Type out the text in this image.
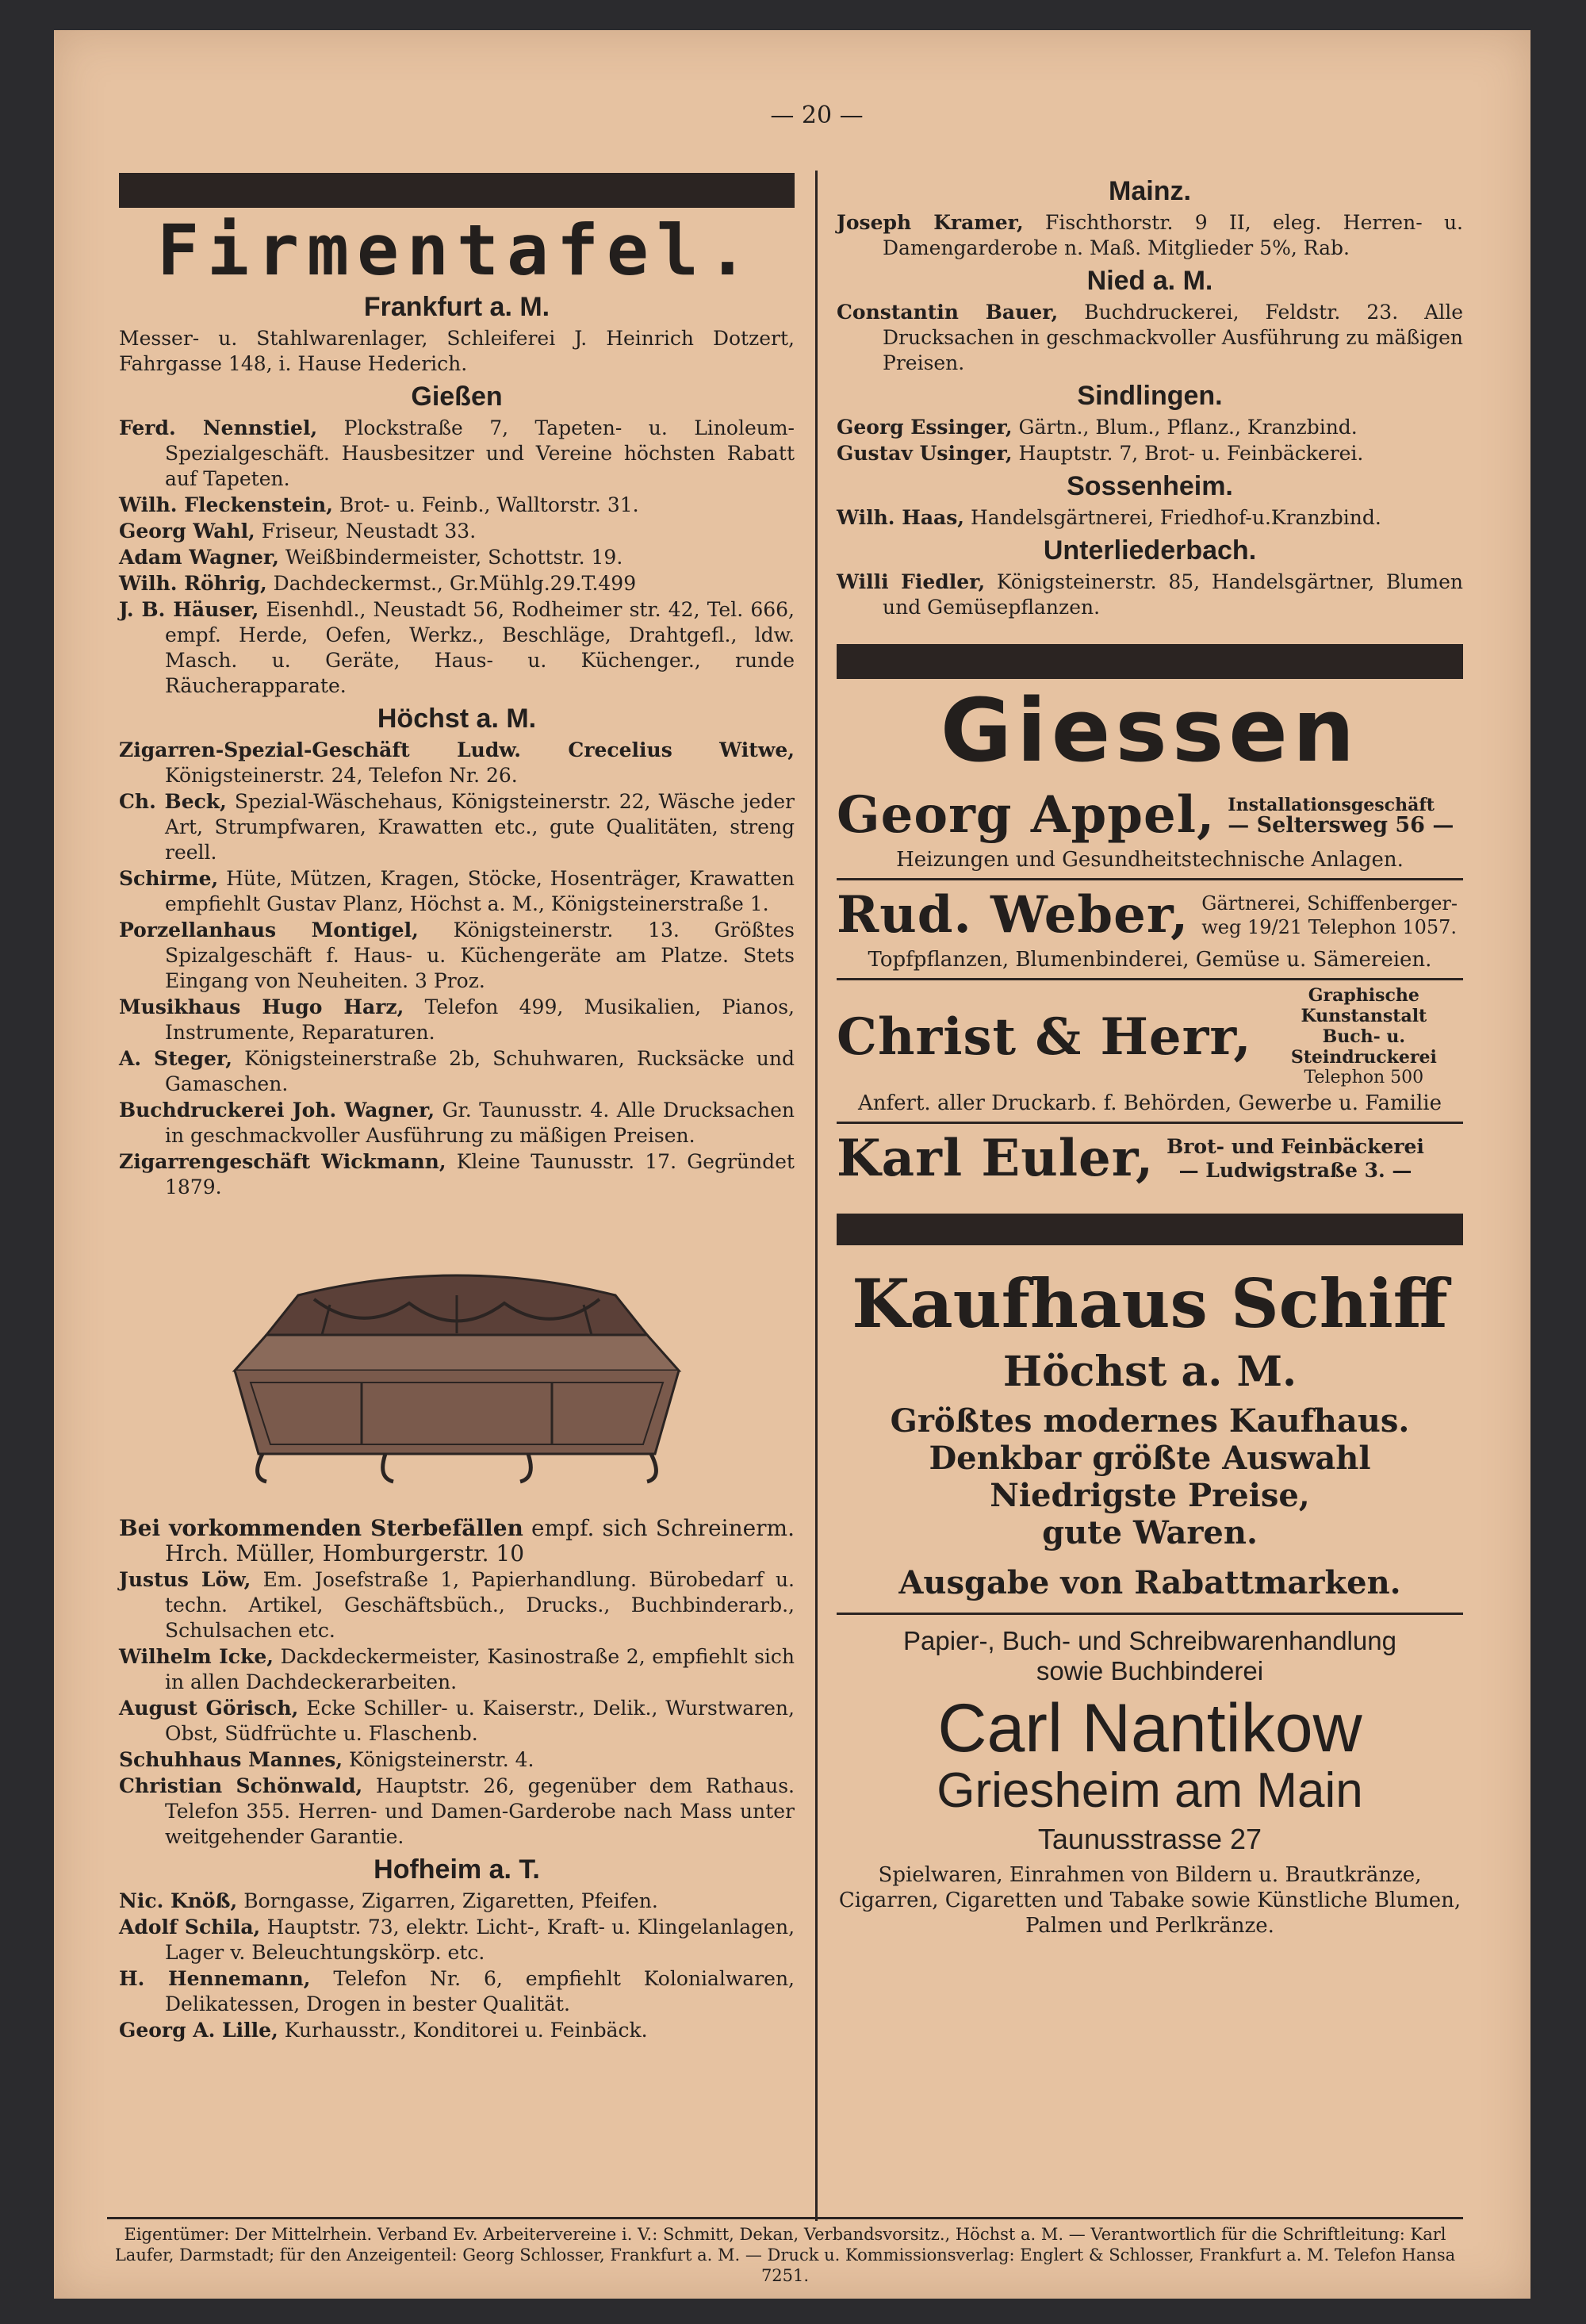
— 20 —
Firmentafel.
Frankfurt a. M.
Messer- u. Stahlwarenlager, Schleiferei J. Heinrich Dotzert, Fahrgasse 148, i. Hause Hederich.
Gießen
Ferd. Nennstiel, Plockstraße 7, Tapeten- u. Linoleum-Spezialgeschäft. Hausbesitzer und Vereine höchsten Rabatt auf Tapeten.
Wilh. Fleckenstein, Brot- u. Feinb., Walltorstr. 31.
Georg Wahl, Friseur, Neustadt 33.
Adam Wagner, Weißbindermeister, Schottstr. 19.
Wilh. Röhrig, Dachdeckermst., Gr.Mühlg.29.T.499
J. B. Häuser, Eisenhdl., Neustadt 56, Rodheimer str. 42, Tel. 666, empf. Herde, Oefen, Werkz., Beschläge, Drahtgefl., ldw. Masch. u. Geräte, Haus- u. Küchenger., runde Räucherapparate.
Höchst a. M.
Zigarren-Spezial-Geschäft Ludw. Crecelius Witwe, Königsteinerstr. 24, Telefon Nr. 26.
Ch. Beck, Spezial-Wäschehaus, Königsteinerstr. 22, Wäsche jeder Art, Strumpfwaren, Krawatten etc., gute Qualitäten, streng reell.
Schirme, Hüte, Mützen, Kragen, Stöcke, Hosenträger, Krawatten empfiehlt Gustav Planz, Höchst a. M., Königsteinerstraße 1.
Porzellanhaus Montigel, Königsteinerstr. 13. Größtes Spizalgeschäft f. Haus- u. Küchengeräte am Platze. Stets Eingang von Neuheiten. 3 Proz.
Musikhaus Hugo Harz, Telefon 499, Musikalien, Pianos, Instrumente, Reparaturen.
A. Steger, Königsteinerstraße 2b, Schuhwaren, Rucksäcke und Gamaschen.
Buchdruckerei Joh. Wagner, Gr. Taunusstr. 4. Alle Drucksachen in geschmackvoller Ausführung zu mäßigen Preisen.
Zigarrengeschäft Wickmann, Kleine Taunusstr. 17. Gegründet 1879.
Bei vorkommenden Sterbefällen empf. sich Schreinerm. Hrch. Müller, Homburgerstr. 10
Justus Löw, Em. Josefstraße 1, Papierhandlung. Bürobedarf u. techn. Artikel, Geschäftsbüch., Drucks., Buchbinderarb., Schulsachen etc.
Wilhelm Icke, Dackdeckermeister, Kasinostraße 2, empfiehlt sich in allen Dachdeckerarbeiten.
August Görisch, Ecke Schiller- u. Kaiserstr., Delik., Wurstwaren, Obst, Südfrüchte u. Flaschenb.
Schuhhaus Mannes, Königsteinerstr. 4.
Christian Schönwald, Hauptstr. 26, gegenüber dem Rathaus. Telefon 355. Herren- und Damen-Garderobe nach Mass unter weitgehender Garantie.
Hofheim a. T.
Nic. Knöß, Borngasse, Zigarren, Zigaretten, Pfeifen.
Adolf Schila, Hauptstr. 73, elektr. Licht-, Kraft- u. Klingelanlagen, Lager v. Beleuchtungskörp. etc.
H. Hennemann, Telefon Nr. 6, empfiehlt Kolonialwaren, Delikatessen, Drogen in bester Qualität.
Georg A. Lille, Kurhausstr., Konditorei u. Feinbäck.
Mainz.
Joseph Kramer, Fischthorstr. 9 II, eleg. Herren- u. Damengarderobe n. Maß. Mitglieder 5%, Rab.
Nied a. M.
Constantin Bauer, Buchdruckerei, Feldstr. 23. Alle Drucksachen in geschmackvoller Ausführung zu mäßigen Preisen.
Sindlingen.
Georg Essinger, Gärtn., Blum., Pflanz., Kranzbind.
Gustav Usinger, Hauptstr. 7, Brot- u. Feinbäckerei.
Sossenheim.
Wilh. Haas, Handelsgärtnerei, Friedhof-u.Kranzbind.
Unterliederbach.
Willi Fiedler, Königsteinerstr. 85, Handelsgärtner, Blumen und Gemüsepflanzen.
Giessen
Georg Appel, Installationsgeschäft
— Seltersweg 56 —
Heizungen und Gesundheitstechnische Anlagen.
Rud. Weber, Gärtnerei, Schiffenberger-
weg 19/21 Telephon 1057.
Topfpflanzen, Blumenbinderei, Gemüse u. Sämereien.
Christ & Herr,
Graphische Kunstanstalt
Buch- u. Steindruckerei
Telephon 500
Anfert. aller Druckarb. f. Behörden, Gewerbe u. Familie
Karl Euler, Brot- und Feinbäckerei
— Ludwigstraße 3. —
Kaufhaus Schiff
Höchst a. M.
Größtes modernes Kaufhaus.
Denkbar größte Auswahl
Niedrigste Preise,
gute Waren.
Ausgabe von Rabattmarken.
Papier-, Buch- und Schreibwarenhandlung
sowie Buchbinderei
Carl Nantikow
Griesheim am Main
Taunusstrasse 27
Spielwaren, Einrahmen von Bildern u. Brautkränze, Cigarren, Cigaretten und Tabake sowie Künstliche Blumen, Palmen und Perlkränze.
Eigentümer: Der Mittelrhein. Verband Ev. Arbeitervereine i. V.: Schmitt, Dekan, Verbandsvorsitz., Höchst a. M. — Verantwortlich für die Schriftleitung: Karl Laufer, Darmstadt; für den Anzeigenteil: Georg Schlosser, Frankfurt a. M. — Druck u. Kommissionsverlag: Englert & Schlosser, Frankfurt a. M. Telefon Hansa 7251.
